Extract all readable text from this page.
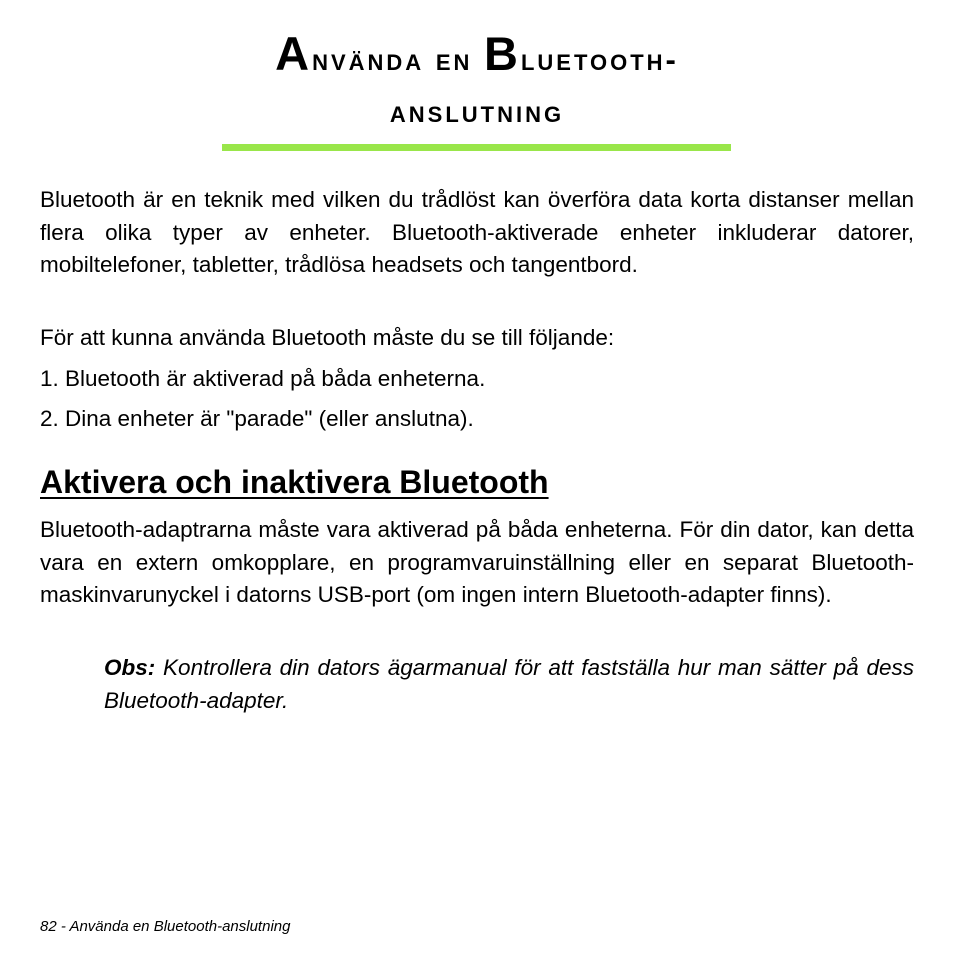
Använda en Bluetooth-
anslutning

Bluetooth är en teknik med vilken du trådlöst kan överföra data korta distanser mellan flera olika typer av enheter. Bluetooth-aktiverade enheter inkluderar datorer, mobiltelefoner, tabletter, trådlösa headsets och tangentbord.

För att kunna använda Bluetooth måste du se till följande:

1. Bluetooth är aktiverad på båda enheterna.

2. Dina enheter är "parade" (eller anslutna).

Aktivera och inaktivera Bluetooth

Bluetooth-adaptrarna måste vara aktiverad på båda enheterna. För din dator, kan detta vara en extern omkopplare, en programvaruinställning eller en separat Bluetooth-maskinvarunyckel i datorns USB-port (om ingen intern Bluetooth-adapter finns).

Obs: Kontrollera din dators ägarmanual för att fastställa hur man sätter på dess Bluetooth-adapter.

82 - Använda en Bluetooth-anslutning
